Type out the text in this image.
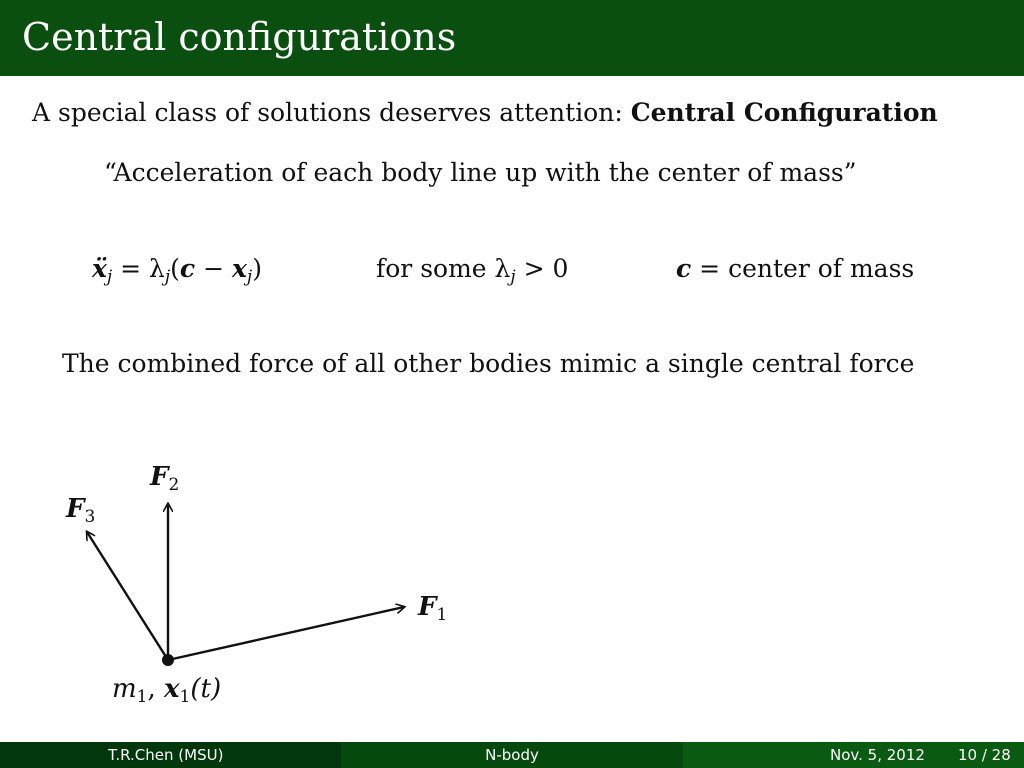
Central configurations
A special class of solutions deserves attention: Central Configuration
“Acceleration of each body line up with the center of mass”
ẍ$_j$ = $\lambda_j(c - x_j)$	for some $\lambda_j > 0$	c = center of mass
The combined force of all other bodies mimic a single central force
$F_1$
$F_2$
$F_3$
$m_1$, $x_1(t)$
T.R.Chen (MSU)	N-body	Nov. 5, 2012 10 / 28
